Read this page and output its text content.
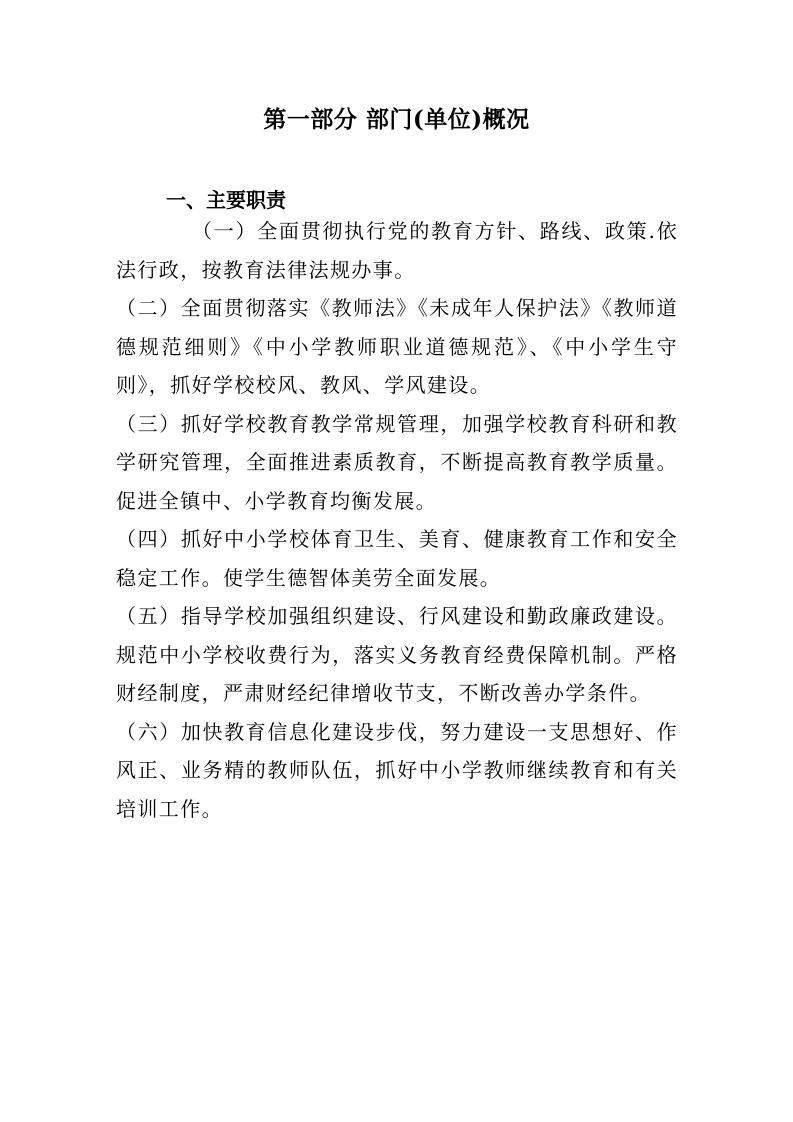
第一部分 部门(单位)概况
一、主要职责

（一）全面贯彻执行党的教育方针、路线、政策.依法行政，按教育法律法规办事。

（二）全面贯彻落实《教师法》《未成年人保护法》《教师道德规范细则》《中小学教师职业道德规范》、《中小学生守则》，抓好学校校风、教风、学风建设。

（三）抓好学校教育教学常规管理，加强学校教育科研和教学研究管理，全面推进素质教育，不断提高教育教学质量。促进全镇中、小学教育均衡发展。

（四）抓好中小学校体育卫生、美育、健康教育工作和安全稳定工作。使学生德智体美劳全面发展。

（五）指导学校加强组织建设、行风建设和勤政廉政建设。规范中小学校收费行为，落实义务教育经费保障机制。严格财经制度，严肃财经纪律增收节支，不断改善办学条件。

（六）加快教育信息化建设步伐，努力建设一支思想好、作风正、业务精的教师队伍，抓好中小学教师继续教育和有关培训工作。
